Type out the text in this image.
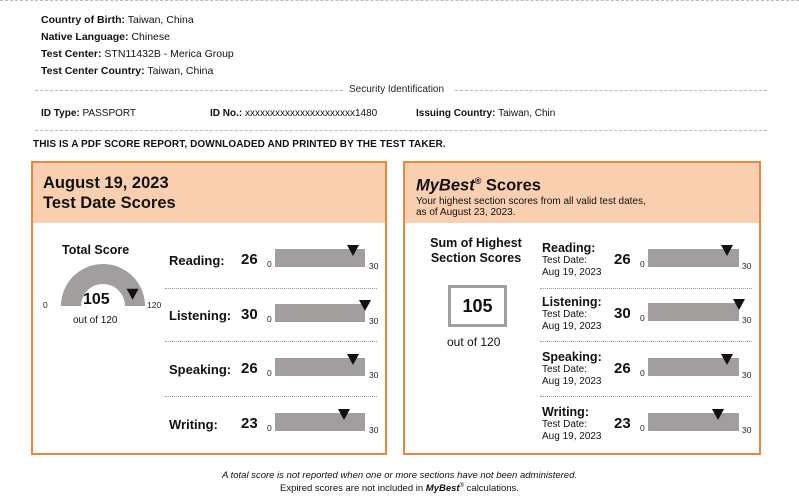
Country of Birth: Taiwan, China
Native Language: Chinese
Test Center: STN11432B - Merica Group
Test Center Country: Taiwan, China
Security Identification
ID Type: PASSPORT	ID No.: xxxxxxxxxxxxxxxxxxxxxx1480	Issuing Country: Taiwan, Chin
THIS IS A PDF SCORE REPORT, DOWNLOADED AND PRINTED BY THE TEST TAKER.
August 19, 2023
Test Date Scores
Total Score
0	120
105
out of 120
Reading: 26 0	30
Listening: 30 0	30
Speaking: 26 0	30
Writing: 23 0	30
MyBest® Scores
Your highest section scores from all valid test dates,
as of August 23, 2023.
Sum of Highest
Section Scores
105
out of 120
Reading:
Test Date:
Aug 19, 2023
26 0	30
Listening:
Test Date:
Aug 19, 2023
30 0	30
Speaking:
Test Date:
Aug 19, 2023
26 0	30
Writing:
Test Date:
Aug 19, 2023
23 0	30
A total score is not reported when one or more sections have not been administered.
Expired scores are not included in MyBest® calculations.
